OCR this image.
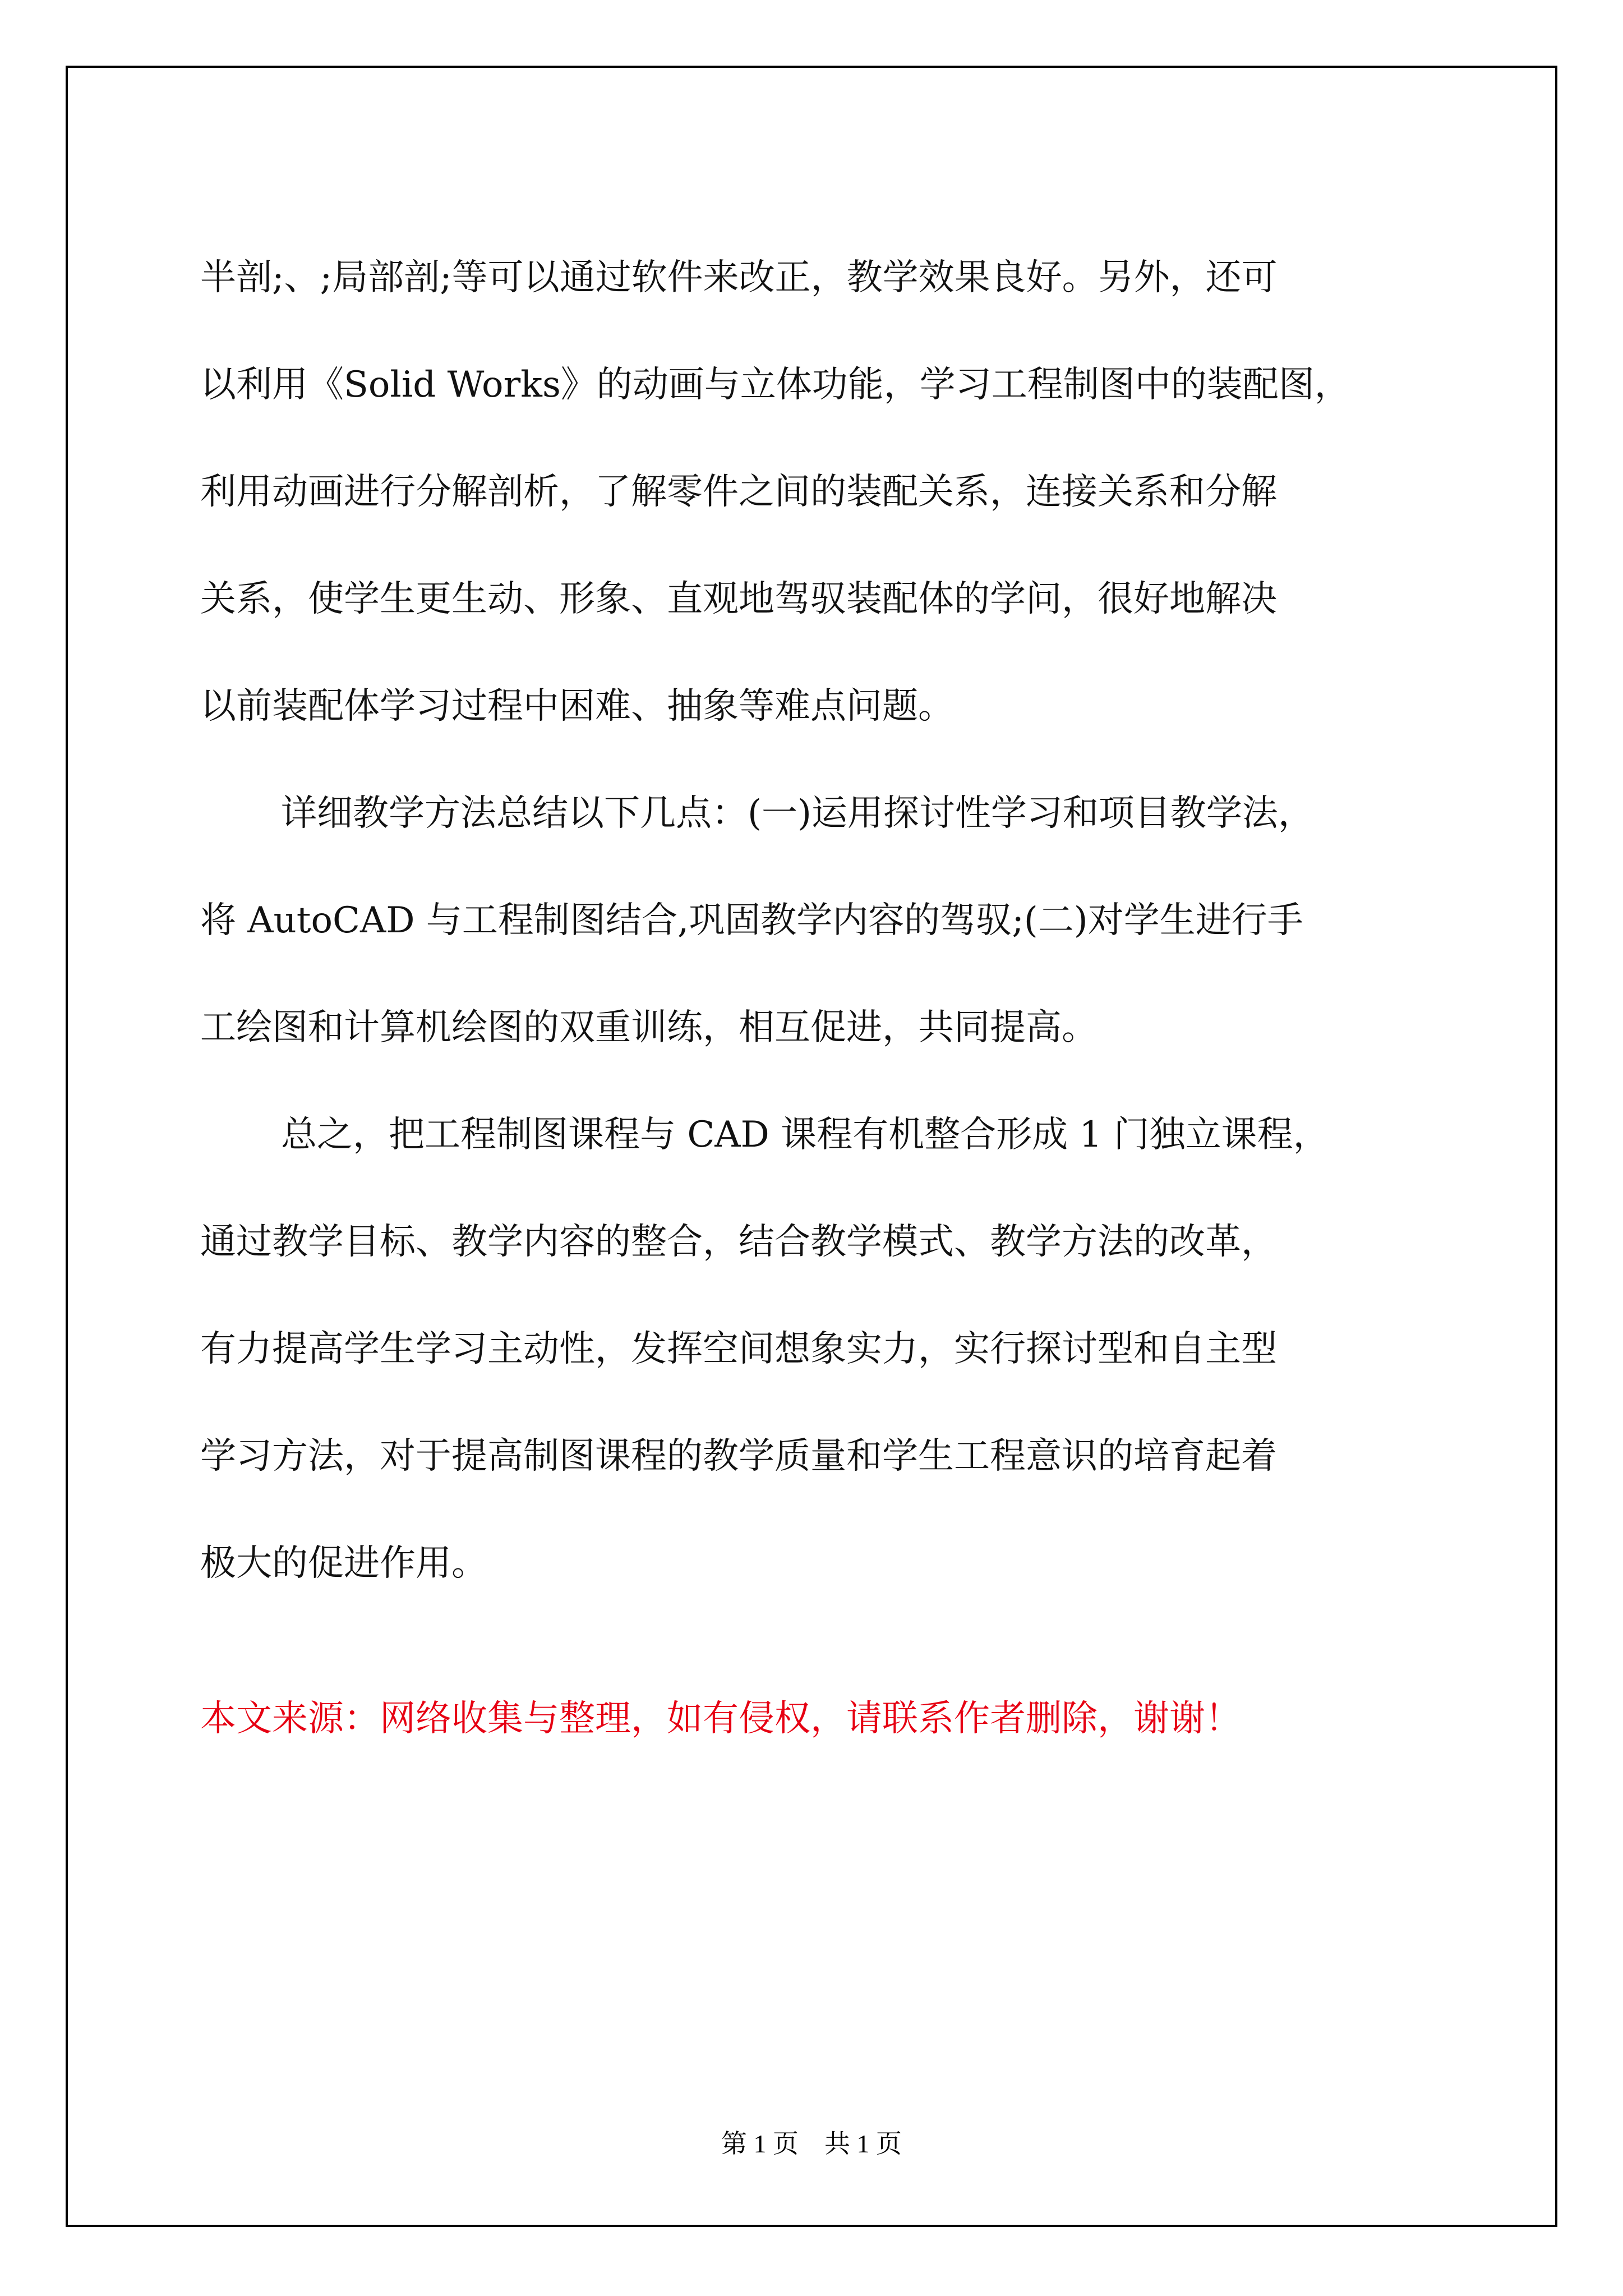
半剖;、;局部剖;等可以通过软件来改正，教学效果良好。另外，还可
以利用《Solid Works》的动画与立体功能，学习工程制图中的装配图，
利用动画进行分解剖析，了解零件之间的装配关系，连接关系和分解
关系，使学生更生动、形象、直观地驾驭装配体的学问，很好地解决
以前装配体学习过程中困难、抽象等难点问题。
详细教学方法总结以下几点：(一)运用探讨性学习和项目教学法，
将 AutoCAD 与工程制图结合,巩固教学内容的驾驭;(二)对学生进行手
工绘图和计算机绘图的双重训练，相互促进，共同提高。
总之，把工程制图课程与 CAD 课程有机整合形成 1 门独立课程，
通过教学目标、教学内容的整合，结合教学模式、教学方法的改革，
有力提高学生学习主动性，发挥空间想象实力，实行探讨型和自主型
学习方法，对于提高制图课程的教学质量和学生工程意识的培育起着
极大的促进作用。
本文来源：网络收集与整理，如有侵权，请联系作者删除，谢谢！
第 1 页    共 1 页
